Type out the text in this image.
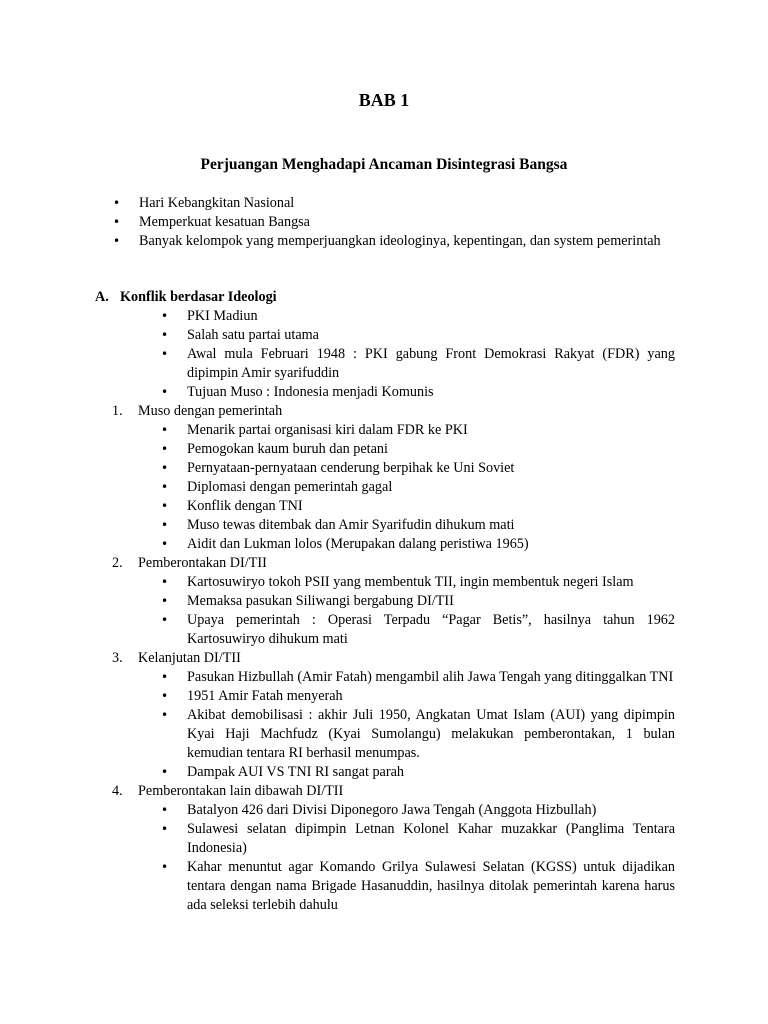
BAB 1
Perjuangan Menghadapi Ancaman Disintegrasi Bangsa
• Hari Kebangkitan Nasional
• Memperkuat kesatuan Bangsa
• Banyak kelompok yang memperjuangkan ideologinya, kepentingan, dan system pemerintah
A. Konflik berdasar Ideologi
• PKI Madiun
• Salah satu partai utama
• Awal mula Februari 1948 : PKI gabung Front Demokrasi Rakyat (FDR) yang dipimpin Amir syarifuddin
• Tujuan Muso : Indonesia menjadi Komunis
1.	Muso dengan pemerintah
• Menarik partai organisasi kiri dalam FDR ke PKI
• Pemogokan kaum buruh dan petani
• Pernyataan-pernyataan cenderung berpihak ke Uni Soviet
• Diplomasi dengan pemerintah gagal
• Konflik dengan TNI
• Muso tewas ditembak dan Amir Syarifudin dihukum mati
• Aidit dan Lukman lolos (Merupakan dalang peristiwa 1965)
2.	Pemberontakan DI/TII
• Kartosuwiryo tokoh PSII yang membentuk TII, ingin membentuk negeri Islam
• Memaksa pasukan Siliwangi bergabung DI/TII
• Upaya pemerintah : Operasi Terpadu “Pagar Betis”, hasilnya tahun 1962 Kartosuwiryo dihukum mati
3.	Kelanjutan DI/TII
• Pasukan Hizbullah (Amir Fatah) mengambil alih Jawa Tengah yang ditinggalkan TNI
• 1951 Amir Fatah menyerah
• Akibat demobilisasi : akhir Juli 1950, Angkatan Umat Islam (AUI) yang dipimpin Kyai Haji Machfudz (Kyai Sumolangu) melakukan pemberontakan, 1 bulan kemudian tentara RI berhasil menumpas.
• Dampak AUI VS TNI RI sangat parah
4.	Pemberontakan lain dibawah DI/TII
• Batalyon 426 dari Divisi Diponegoro Jawa Tengah (Anggota Hizbullah)
• Sulawesi selatan dipimpin Letnan Kolonel Kahar muzakkar (Panglima Tentara Indonesia)
• Kahar menuntut agar Komando Grilya Sulawesi Selatan (KGSS) untuk dijadikan tentara dengan nama Brigade Hasanuddin, hasilnya ditolak pemerintah karena harus ada seleksi terlebih dahulu
